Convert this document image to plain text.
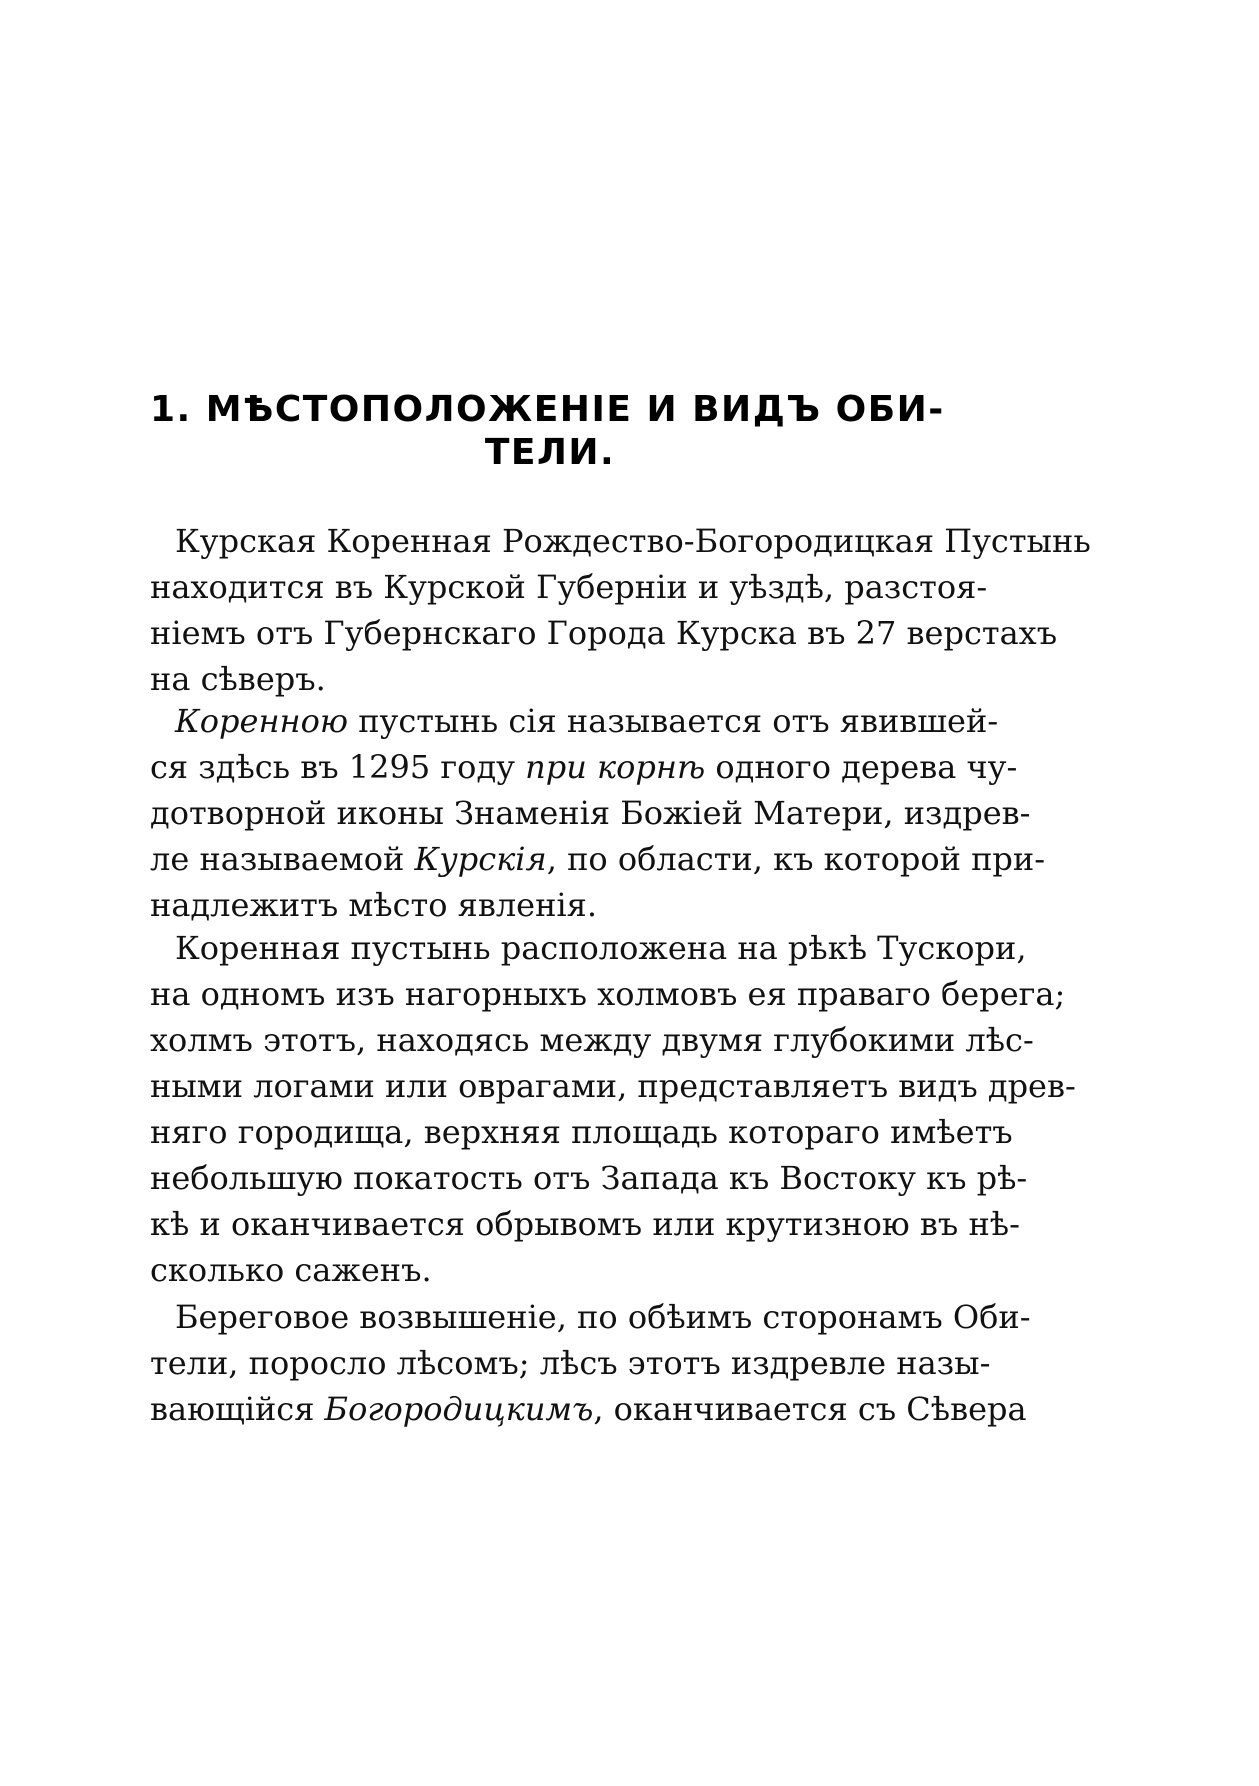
1. МѢСТОПОЛОЖЕНІЕ И ВИДЪ ОБИ-
ТЕЛИ.
Курская Коренная Рождество-Богородицкая Пустынь
находится въ Курской Губерніи и уѣздѣ, разстоя-
ніемъ отъ Губернскаго Города Курска въ 27 верстахъ
на сѣверъ.
Коренною пустынь сія называется отъ явившей-
ся здѣсь въ 1295 году при корнѣ одного дерева чу-
дотворной иконы Знаменія Божіей Матери, издрев-
ле называемой Курскія, по области, къ которой при-
надлежитъ мѣсто явленія.
Коренная пустынь расположена на рѣкѣ Тускори,
на одномъ изъ нагорныхъ холмовъ ея праваго берега;
холмъ этотъ, находясь между двумя глубокими лѣс-
ными логами или оврагами, представляетъ видъ древ-
няго городища, верхняя площадь котораго имѣетъ
небольшую покатость отъ Запада къ Востоку къ рѣ-
кѣ и оканчивается обрывомъ или крутизною въ нѣ-
сколько саженъ.
Береговое возвышеніе, по обѣимъ сторонамъ Оби-
тели, поросло лѣсомъ; лѣсъ этотъ издревле назы-
вающійся Богородицкимъ, оканчивается съ Сѣвера
